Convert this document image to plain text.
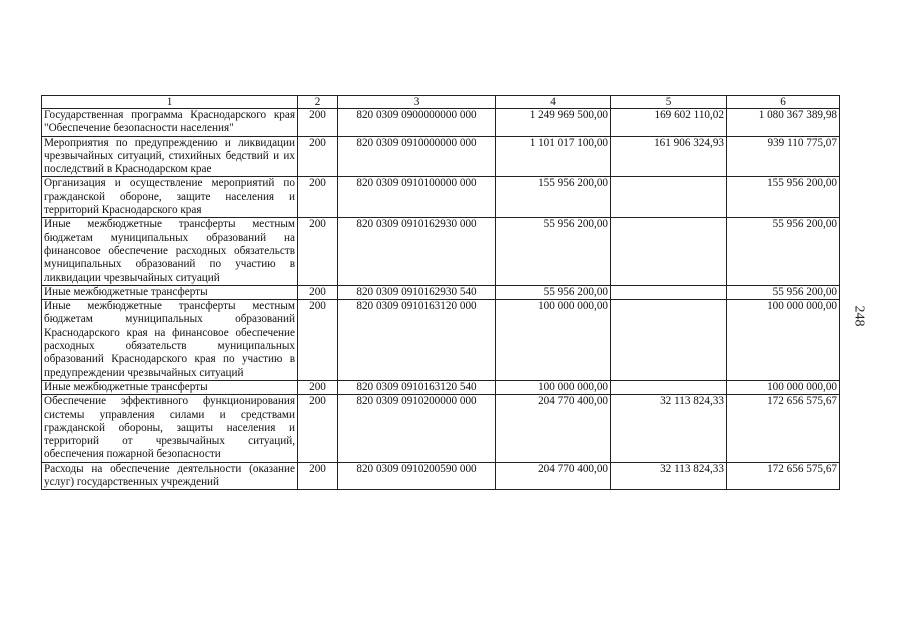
248
1	2	3	4	5	6
Государственная программа Краснодарского края "Обеспечение безопасности населения"	200	820 0309 0900000000 000	1 249 969 500,00	169 602 110,02	1 080 367 389,98
Мероприятия по предупреждению и ликвидации чрезвычайных ситуаций, стихийных бедствий и их последствий в Краснодарском крае	200	820 0309 0910000000 000	1 101 017 100,00	161 906 324,93	939 110 775,07
Организация и осуществление мероприятий по гражданской обороне, защите населения и территорий Краснодарского края	200	820 0309 0910100000 000	155 956 200,00		155 956 200,00
Иные межбюджетные трансферты местным бюджетам муниципальных образований на финансовое обеспечение расходных обязательств муниципальных образований по участию в ликвидации чрезвычайных ситуаций	200	820 0309 0910162930 000	55 956 200,00		55 956 200,00
Иные межбюджетные трансферты	200	820 0309 0910162930 540	55 956 200,00		55 956 200,00
Иные межбюджетные трансферты местным бюджетам муниципальных образований Краснодарского края на финансовое обеспечение расходных обязательств муниципальных образований Краснодарского края по участию в предупреждении чрезвычайных ситуаций	200	820 0309 0910163120 000	100 000 000,00		100 000 000,00
Иные межбюджетные трансферты	200	820 0309 0910163120 540	100 000 000,00		100 000 000,00
Обеспечение эффективного функционирования системы управления силами и средствами гражданской обороны, защиты населения и территорий от чрезвычайных ситуаций, обеспечения пожарной безопасности	200	820 0309 0910200000 000	204 770 400,00	32 113 824,33	172 656 575,67
Расходы на обеспечение деятельности (оказание услуг) государственных учреждений	200	820 0309 0910200590 000	204 770 400,00	32 113 824,33	172 656 575,67
